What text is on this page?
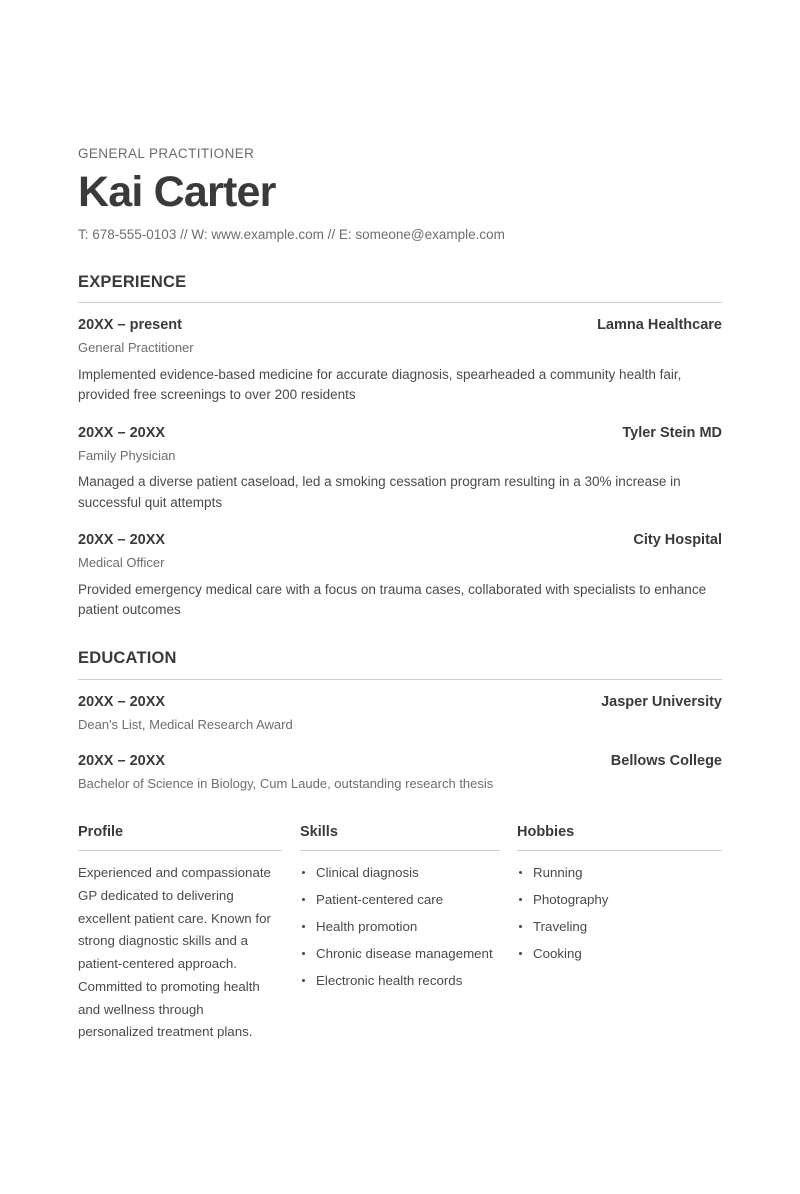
GENERAL PRACTITIONER
Kai Carter
T: 678-555-0103 // W: www.example.com // E: someone@example.com
EXPERIENCE
20XX – present	Lamna Healthcare
General Practitioner
Implemented evidence-based medicine for accurate diagnosis, spearheaded a community health fair, provided free screenings to over 200 residents
20XX – 20XX	Tyler Stein MD
Family Physician
Managed a diverse patient caseload, led a smoking cessation program resulting in a 30% increase in successful quit attempts
20XX – 20XX	City Hospital
Medical Officer
Provided emergency medical care with a focus on trauma cases, collaborated with specialists to enhance patient outcomes
EDUCATION
20XX – 20XX	Jasper University
Dean's List, Medical Research Award
20XX – 20XX	Bellows College
Bachelor of Science in Biology, Cum Laude, outstanding research thesis
Profile

Experienced and compassionate GP dedicated to delivering excellent patient care. Known for strong diagnostic skills and a patient-centered approach. Committed to promoting health and wellness through personalized treatment plans.

Skills
Clinical diagnosis
Patient-centered care
Health promotion
Chronic disease management
Electronic health records
Hobbies
Running
Photography
Traveling
Cooking
